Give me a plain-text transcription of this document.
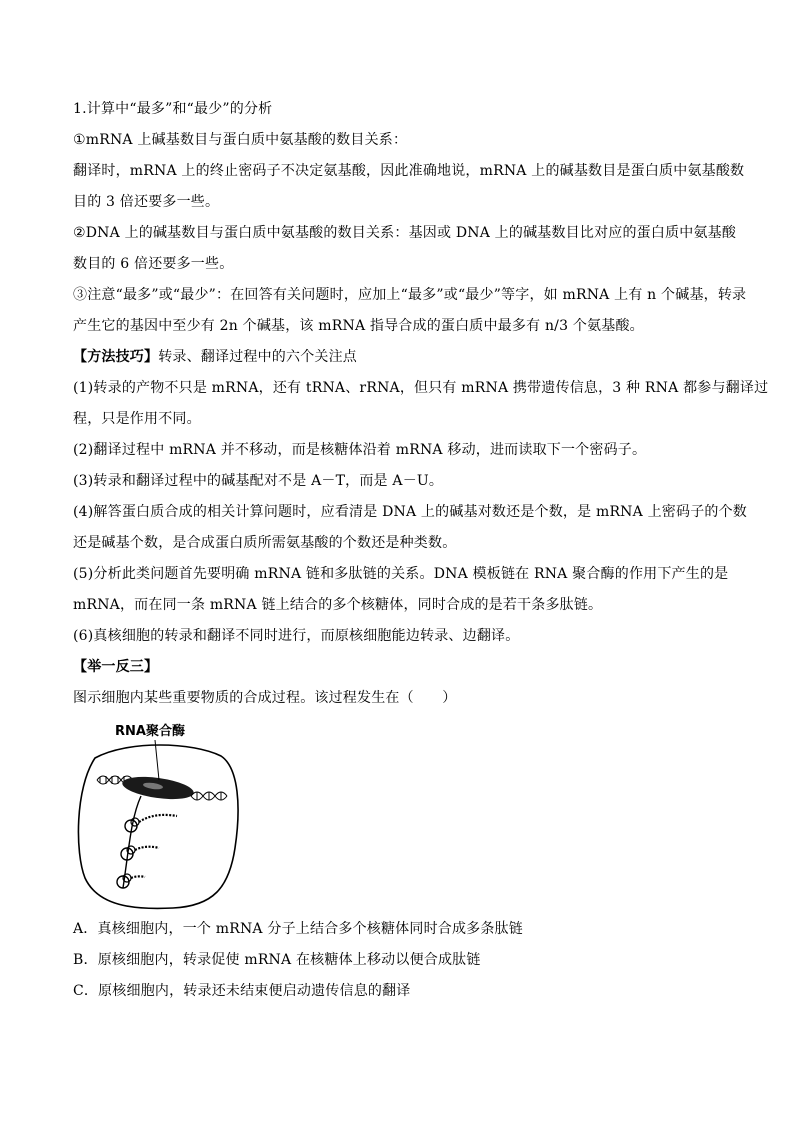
1.计算中“最多”和“最少”的分析
①mRNA 上碱基数目与蛋白质中氨基酸的数目关系：
翻译时，mRNA 上的终止密码子不决定氨基酸，因此准确地说，mRNA 上的碱基数目是蛋白质中氨基酸数
目的 3 倍还要多一些。
②DNA 上的碱基数目与蛋白质中氨基酸的数目关系：基因或 DNA 上的碱基数目比对应的蛋白质中氨基酸
数目的 6 倍还要多一些。
③注意“最多”或“最少”：在回答有关问题时，应加上“最多”或“最少”等字，如 mRNA 上有 n 个碱基，转录
产生它的基因中至少有 2n 个碱基，该 mRNA 指导合成的蛋白质中最多有 n/3 个氨基酸。
【方法技巧】转录、翻译过程中的六个关注点
(1)转录的产物不只是 mRNA，还有 tRNA、rRNA，但只有 mRNA 携带遗传信息，3 种 RNA 都参与翻译过
程，只是作用不同。
(2)翻译过程中 mRNA 并不移动，而是核糖体沿着 mRNA 移动，进而读取下一个密码子。
(3)转录和翻译过程中的碱基配对不是 A－T，而是 A－U。
(4)解答蛋白质合成的相关计算问题时，应看清是 DNA 上的碱基对数还是个数，是 mRNA 上密码子的个数
还是碱基个数，是合成蛋白质所需氨基酸的个数还是种类数。
(5)分析此类问题首先要明确 mRNA 链和多肽链的关系。DNA 模板链在 RNA 聚合酶的作用下产生的是
mRNA，而在同一条 mRNA 链上结合的多个核糖体，同时合成的是若干条多肽链。
(6)真核细胞的转录和翻译不同时进行，而原核细胞能边转录、边翻译。
【举一反三】
图示细胞内某些重要物质的合成过程。该过程发生在（　　）
RNA聚合酶
A．真核细胞内，一个 mRNA 分子上结合多个核糖体同时合成多条肽链
B．原核细胞内，转录促使 mRNA 在核糖体上移动以便合成肽链
C．原核细胞内，转录还未结束便启动遗传信息的翻译
